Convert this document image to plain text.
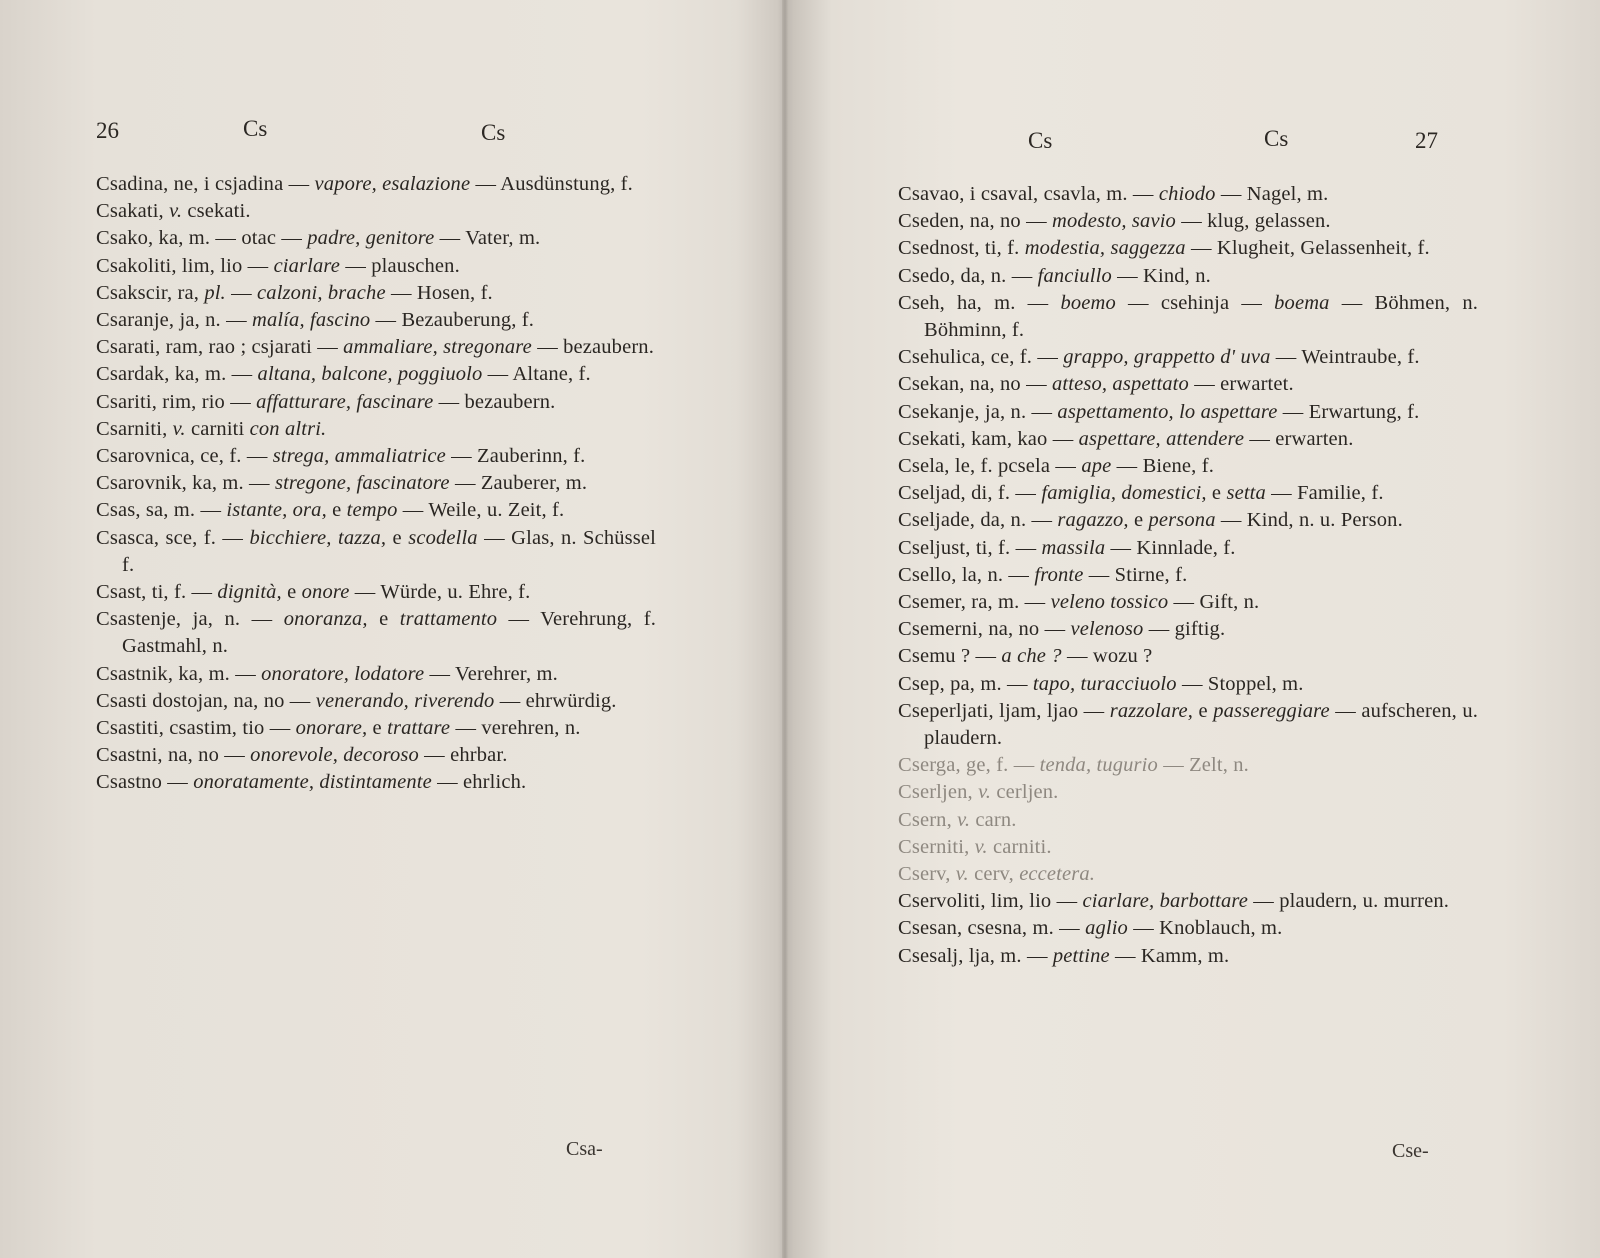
26	Cs	Cs
Csadina, ne, i csjadina — vapore, esalazione — Ausdünstung, f.
Csakati, v. csekati.
Csako, ka, m. — otac — padre, genitore — Vater, m.
Csakoliti, lim, lio — ciarlare — plauschen.
Csakscir, ra, pl. — calzoni, brache — Hosen, f.
Csaranje, ja, n. — malía, fascino — Bezauberung, f.
Csarati, ram, rao ; csjarati — ammaliare, stregonare — bezaubern.
Csardak, ka, m. — altana, balcone, poggiuolo — Altane, f.
Csariti, rim, rio — affatturare, fascinare — bezaubern.
Csarniti, v. carniti con altri.
Csarovnica, ce, f. — strega, ammaliatrice — Zauberinn, f.
Csarovnik, ka, m. — stregone, fascinatore — Zauberer, m.
Csas, sa, m. — istante, ora, e tempo — Weile, u. Zeit, f.
Csasca, sce, f. — bicchiere, tazza, e scodella — Glas, n. Schüssel f.
Csast, ti, f. — dignità, e onore — Würde, u. Ehre, f.
Csastenje, ja, n. — onoranza, e trattamento — Verehrung, f. Gastmahl, n.
Csastnik, ka, m. — onoratore, lodatore — Verehrer, m.
Csasti dostojan, na, no — venerando, riverendo — ehrwürdig.
Csastiti, csastim, tio — onorare, e trattare — verehren, n.
Csastni, na, no — onorevole, decoroso — ehrbar.
Csastno — onoratamente, distintamente — ehrlich.
Csa-
Cs	Cs	27
Csavao, i csaval, csavla, m. — chiodo — Nagel, m.
Cseden, na, no — modesto, savio — klug, gelassen.
Csednost, ti, f. modestia, saggezza — Klugheit, Gelassenheit, f.
Csedo, da, n. — fanciullo — Kind, n.
Cseh, ha, m. — boemo — csehinja — boema — Böhmen, n. Böhminn, f.
Csehulica, ce, f. — grappo, grappetto d' uva — Weintraube, f.
Csekan, na, no — atteso, aspettato — erwartet.
Csekanje, ja, n. — aspettamento, lo aspettare — Erwartung, f.
Csekati, kam, kao — aspettare, attendere — erwarten.
Csela, le, f. pcsela — ape — Biene, f.
Cseljad, di, f. — famiglia, domestici, e setta — Familie, f.
Cseljade, da, n. — ragazzo, e persona — Kind, n. u. Person.
Cseljust, ti, f. — massila — Kinnlade, f.
Csello, la, n. — fronte — Stirne, f.
Csemer, ra, m. — veleno tossico — Gift, n.
Csemerni, na, no — velenoso — giftig.
Csemu ? — a che ? — wozu ?
Csep, pa, m. — tapo, turacciuolo — Stoppel, m.
Cseperljati, ljam, ljao — razzolare, e passereggiare — aufscheren, u. plaudern.
Cserga, ge, f. — tenda, tugurio — Zelt, n.
Cserljen, v. cerljen.
Csern, v. carn.
Cserniti, v. carniti.
Cserv, v. cerv, eccetera.
Cservoliti, lim, lio — ciarlare, barbottare — plaudern, u. murren.
Csesan, csesna, m. — aglio — Knoblauch, m.
Csesalj, lja, m. — pettine — Kamm, m.
Cse-
